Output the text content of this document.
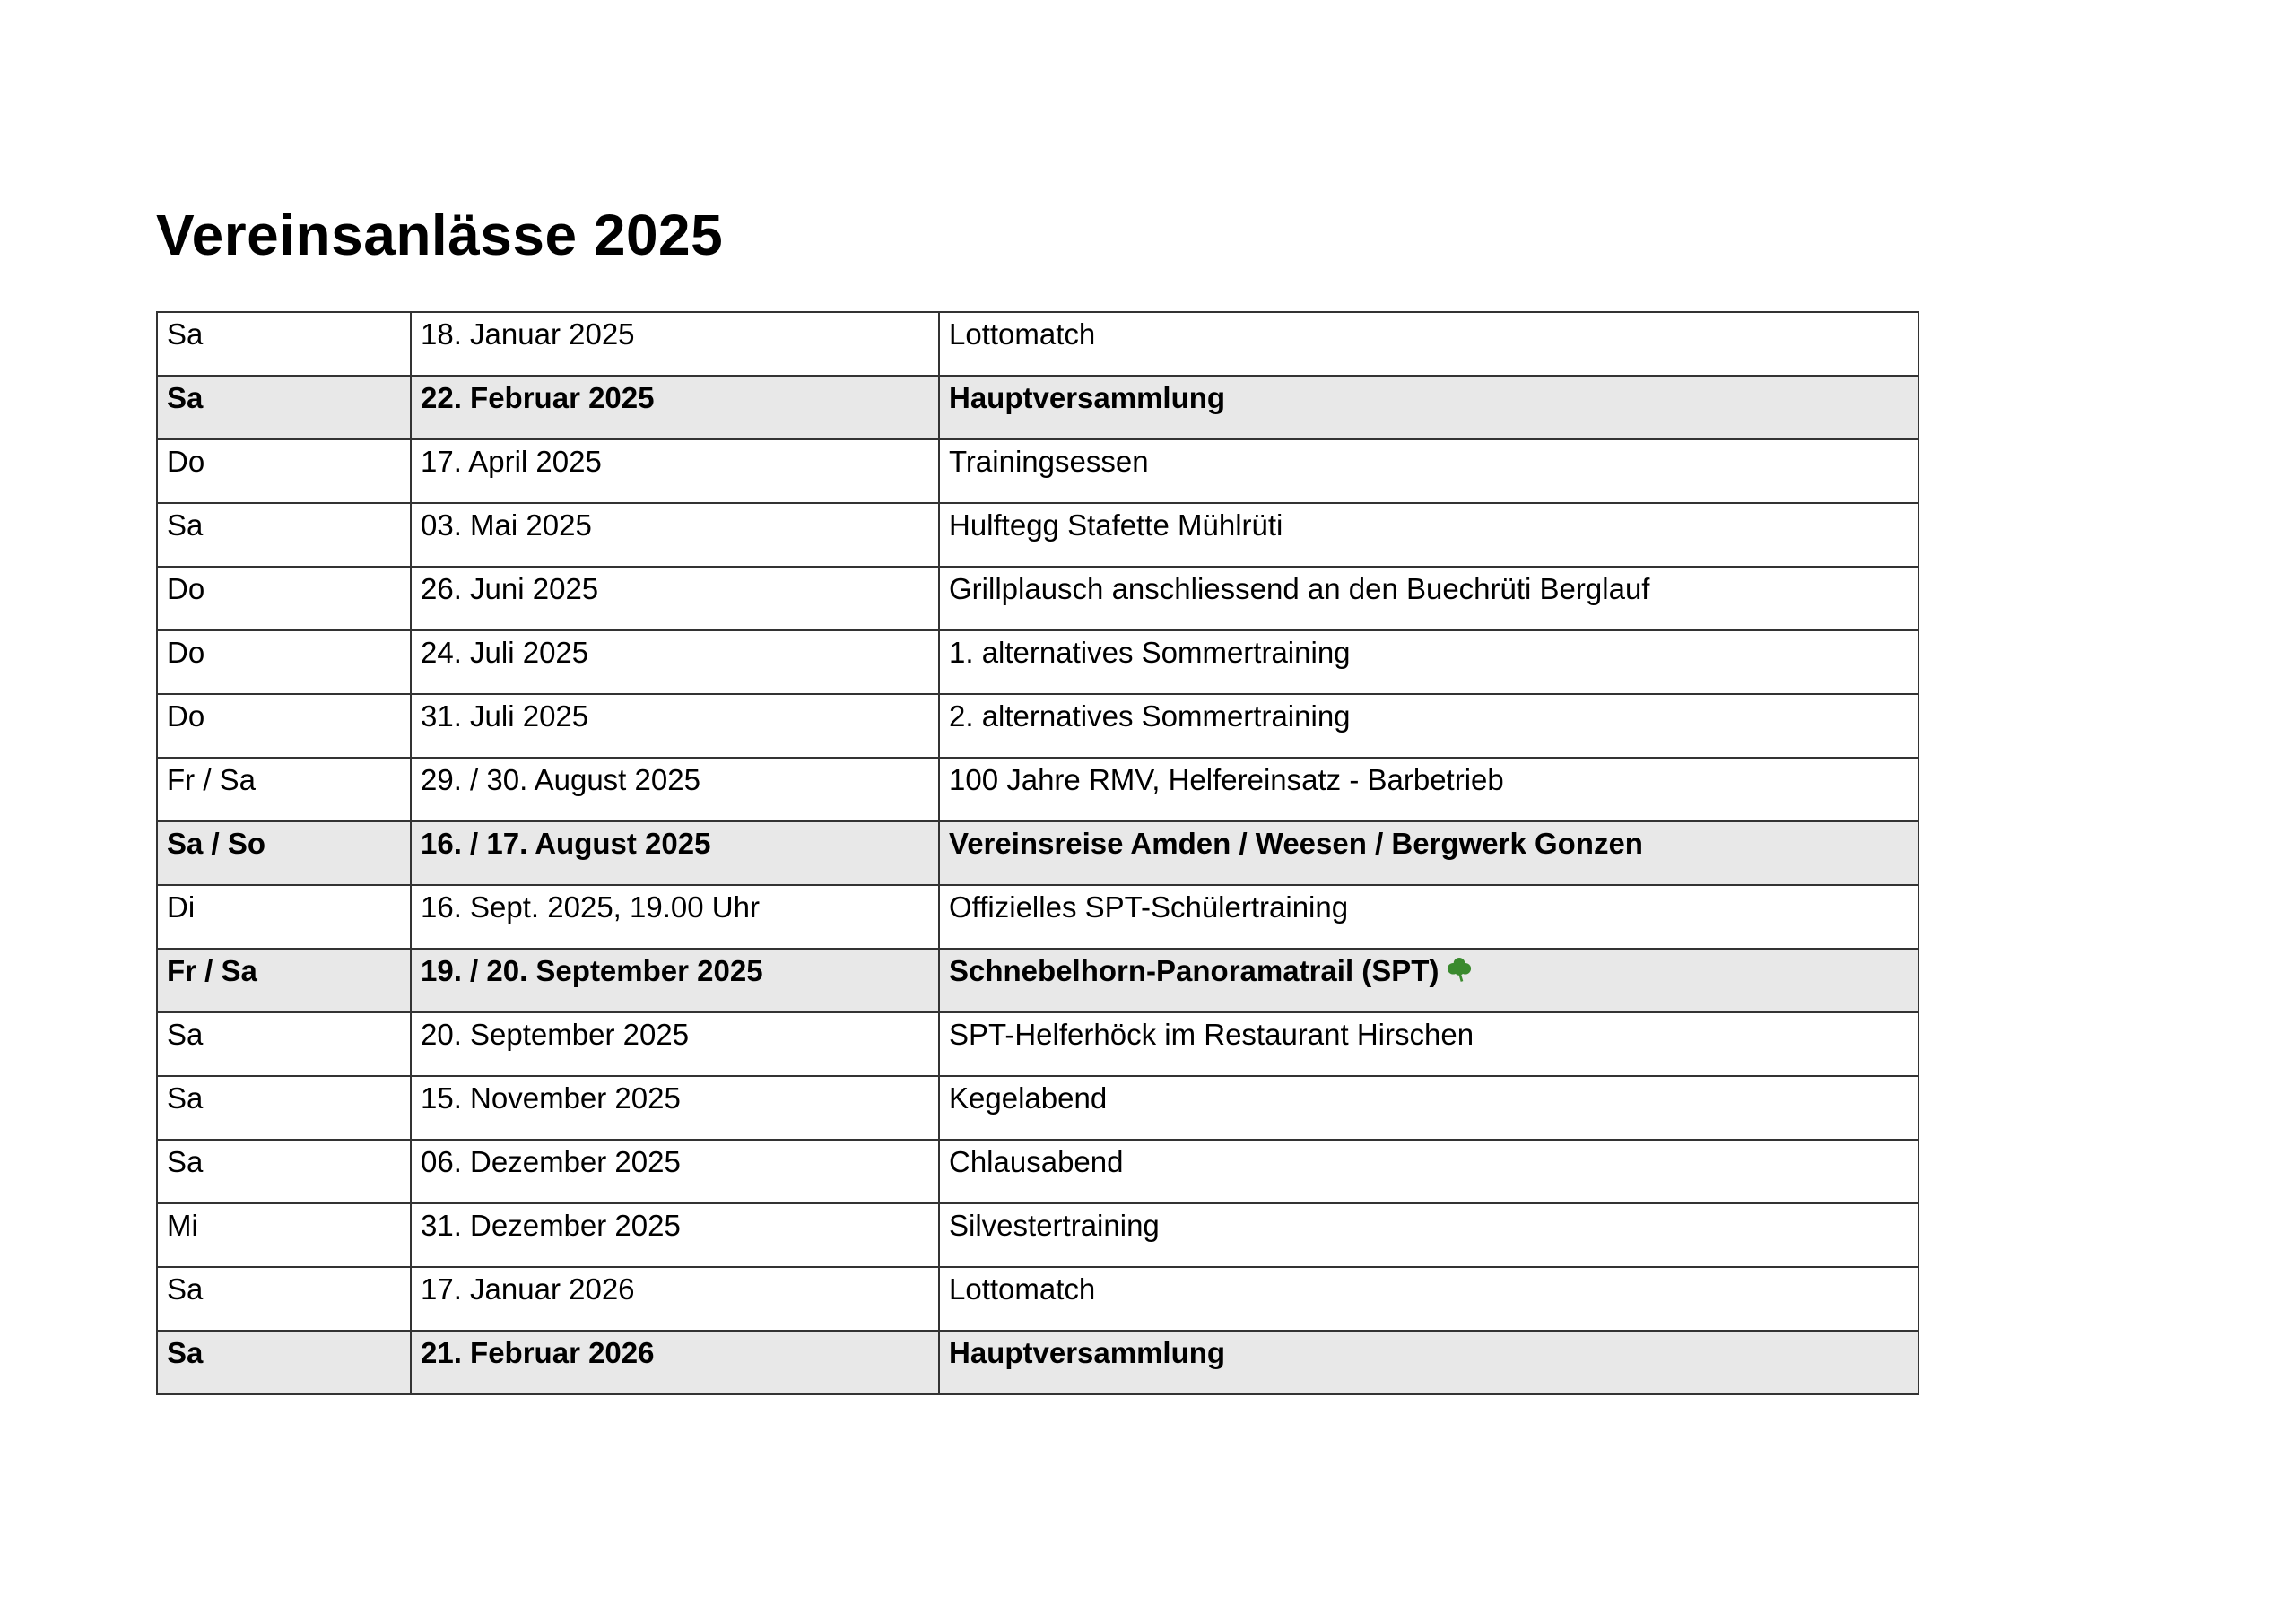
Vereinsanlässe 2025
Sa	18. Januar 2025	Lottomatch
Sa	22. Februar 2025	Hauptversammlung
Do	17. April 2025	Trainingsessen
Sa	03. Mai 2025	Hulftegg Stafette Mühlrüti
Do	26. Juni 2025	Grillplausch anschliessend an den Buechrüti Berglauf
Do	24. Juli 2025	1. alternatives Sommertraining
Do	31. Juli 2025	2. alternatives Sommertraining
Fr / Sa	29. / 30. August 2025	100 Jahre RMV, Helfereinsatz - Barbetrieb
Sa / So	16. / 17. August 2025	Vereinsreise Amden / Weesen / Bergwerk Gonzen
Di	16. Sept. 2025, 19.00 Uhr	Offizielles SPT-Schülertraining
Fr / Sa	19. / 20. September 2025	Schnebelhorn-Panoramatrail (SPT)
Sa	20. September 2025	SPT-Helferhöck im Restaurant Hirschen
Sa	15. November 2025	Kegelabend
Sa	06. Dezember 2025	Chlausabend
Mi	31. Dezember 2025	Silvestertraining
Sa	17. Januar 2026	Lottomatch
Sa	21. Februar 2026	Hauptversammlung
